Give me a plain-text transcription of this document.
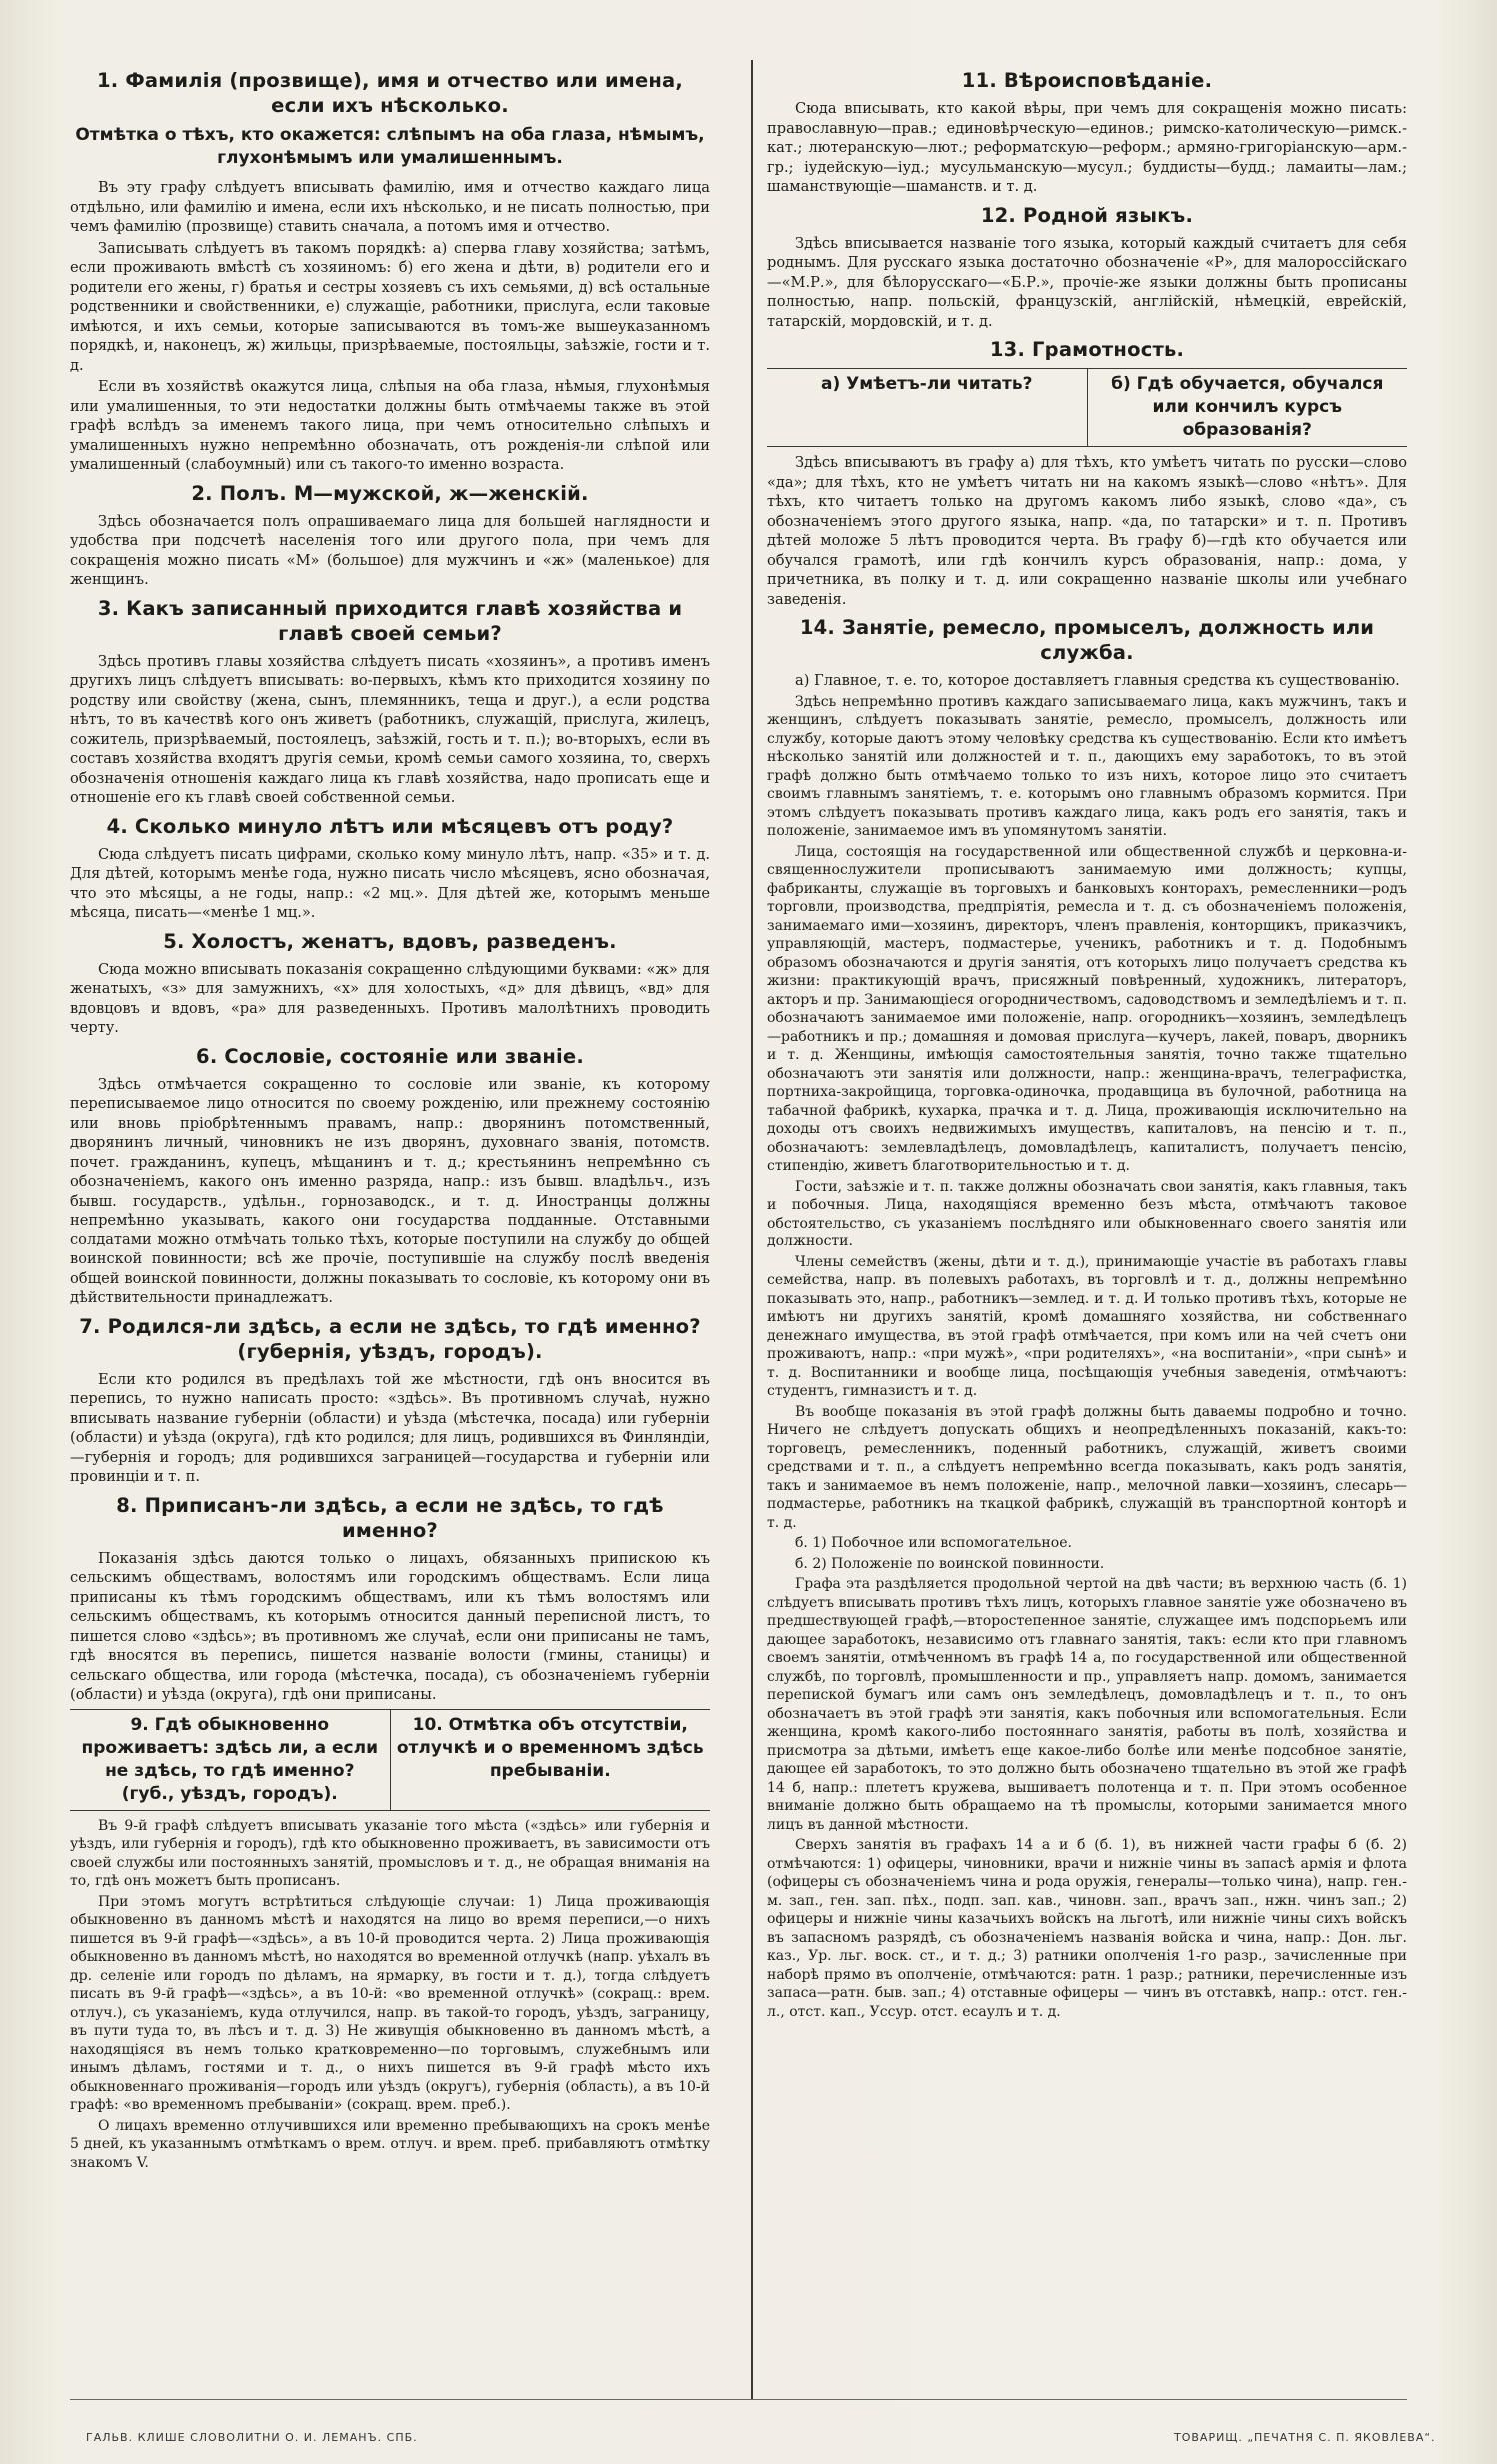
1. Фамилія (прозвище), имя и отчество или имена, если ихъ нѣсколько.
Отмѣтка о тѣхъ, кто окажется: слѣпымъ на оба глаза, нѣмымъ, глухонѣмымъ или умалишеннымъ.

Въ эту графу слѣдуетъ вписывать фамилію, имя и отчество каждаго лица отдѣльно, или фамилію и имена, если ихъ нѣсколько, и не писать полностью, при чемъ фамилію (прозвище) ставить сначала, а потомъ имя и отчество.

Записывать слѣдуетъ въ такомъ порядкѣ: а) сперва главу хозяйства; затѣмъ, если проживають вмѣстѣ съ хозяиномъ: б) его жена и дѣти, в) родители его и родители его жены, г) братья и сестры хозяевъ съ ихъ семьями, д) всѣ остальные родственники и свойственники, е) служащіе, работники, прислуга, если таковые имѣются, и ихъ семьи, которые записываются въ томъ-же вышеуказанномъ порядкѣ, и, наконецъ, ж) жильцы, призрѣваемые, постояльцы, заѣзжіе, гости и т. д.

Если въ хозяйствѣ окажутся лица, слѣпыя на оба глаза, нѣмыя, глухонѣмыя или умалишенныя, то эти недостатки должны быть отмѣчаемы также въ этой графѣ вслѣдъ за именемъ такого лица, при чемъ относительно слѣпыхъ и умалишенныхъ нужно непремѣнно обозначать, отъ рожденія-ли слѣпой или умалишенный (слабоумный) или съ такого-то именно возраста.

2. Полъ. М—мужской, ж—женскій.

Здѣсь обозначается полъ опрашиваемаго лица для большей наглядности и удобства при подсчетѣ населенія того или другого пола, при чемъ для сокращенія можно писать «М» (большое) для мужчинъ и «ж» (маленькое) для женщинъ.

3. Какъ записанный приходится главѣ хозяйства и главѣ своей семьи?

Здѣсь противъ главы хозяйства слѣдуетъ писать «хозяинъ», а противъ именъ другихъ лицъ слѣдуетъ вписывать: во-первыхъ, кѣмъ кто приходится хозяину по родству или свойству (жена, сынъ, племянникъ, теща и друг.), а если родства нѣтъ, то въ качествѣ кого онъ живетъ (работникъ, служащій, прислуга, жилецъ, сожитель, призрѣваемый, постоялецъ, заѣзжій, гость и т. п.); во-вторыхъ, если въ составъ хозяйства входятъ другія семьи, кромѣ семьи самого хозяина, то, сверхъ обозначенія отношенія каждаго лица къ главѣ хозяйства, надо прописать еще и отношеніе его къ главѣ своей собственной семьи.

4. Сколько минуло лѣтъ или мѣсяцевъ отъ роду?

Сюда слѣдуетъ писать цифрами, сколько кому минуло лѣтъ, напр. «35» и т. д. Для дѣтей, которымъ менѣе года, нужно писать число мѣсяцевъ, ясно обозначая, что это мѣсяцы, а не годы, напр.: «2 мц.». Для дѣтей же, которымъ меньше мѣсяца, писать—«менѣе 1 мц.».

5. Холостъ, женатъ, вдовъ, разведенъ.

Сюда можно вписывать показанія сокращенно слѣдующими буквами: «ж» для женатыхъ, «з» для замужнихъ, «х» для холостыхъ, «д» для дѣвицъ, «вд» для вдовцовъ и вдовъ, «ра» для разведенныхъ. Противъ малолѣтнихъ проводить черту.

6. Сословіе, состояніе или званіе.

Здѣсь отмѣчается сокращенно то сословіе или званіе, къ которому переписываемое лицо относится по своему рожденію, или прежнему состоянію или вновь пріобрѣтеннымъ правамъ, напр.: дворянинъ потомственный, дворянинъ личный, чиновникъ не изъ дворянъ, духовнаго званія, потомств. почет. гражданинъ, купецъ, мѣщанинъ и т. д.; крестьянинъ непремѣнно съ обозначеніемъ, какого онъ именно разряда, напр.: изъ бывш. владѣльч., изъ бывш. государств., удѣльн., горнозаводск., и т. д. Иностранцы должны непремѣнно указывать, какого они государства подданные. Отставными солдатами можно отмѣчать только тѣхъ, которые поступили на службу до общей воинской повинности; всѣ же прочіе, поступившіе на службу послѣ введенія общей воинской повинности, должны показывать то сословіе, къ которому они въ дѣйствительности принадлежатъ.

7. Родился-ли здѣсь, а если не здѣсь, то гдѣ именно? (губернія, уѣздъ, городъ).

Если кто родился въ предѣлахъ той же мѣстности, гдѣ онъ вносится въ перепись, то нужно написать просто: «здѣсь». Въ противномъ случаѣ, нужно вписывать название губерніи (области) и уѣзда (мѣстечка, посада) или губерніи (области) и уѣзда (округа), гдѣ кто родился; для лицъ, родившихся въ Финляндіи,—губернія и городъ; для родившихся заграницей—государства и губерніи или провинціи и т. п.

8. Приписанъ-ли здѣсь, а если не здѣсь, то гдѣ именно?

Показанія здѣсь даются только о лицахъ, обязанныхъ припискою къ сельскимъ обществамъ, волостямъ или городскимъ обществамъ. Если лица приписаны къ тѣмъ городскимъ обществамъ, или къ тѣмъ волостямъ или сельскимъ обществамъ, къ которымъ относится данный переписной листъ, то пишется слово «здѣсь»; въ противномъ же случаѣ, если они приписаны не тамъ, гдѣ вносятся въ перепись, пишется названіе волости (гмины, станицы) и сельскаго общества, или города (мѣстечка, посада), съ обозначеніемъ губерніи (области) и уѣзда (округа), гдѣ они приписаны.

9. Гдѣ обыкновенно проживаетъ: здѣсь ли, а если не здѣсь, то гдѣ именно? (губ., уѣздъ, городъ).
10. Отмѣтка объ отсутствіи, отлучкѣ и о временномъ здѣсь пребываніи.

Въ 9-й графѣ слѣдуетъ вписывать указаніе того мѣста («здѣсь» или губернія и уѣздъ, или губернія и городъ), гдѣ кто обыкновенно проживаетъ, въ зависимости отъ своей службы или постоянныхъ занятій, промысловъ и т. д., не обращая вниманія на то, гдѣ онъ можетъ быть прописанъ.

При этомъ могутъ встрѣтиться слѣдующіе случаи: 1) Лица проживающія обыкновенно въ данномъ мѣстѣ и находятся на лицо во время переписи,—о нихъ пишется въ 9-й графѣ—«здѣсь», а въ 10-й проводится черта. 2) Лица проживающія обыкновенно въ данномъ мѣстѣ, но находятся во временной отлучкѣ (напр. уѣхалъ въ др. селеніе или городъ по дѣламъ, на ярмарку, въ гости и т. д.), тогда слѣдуетъ писать въ 9-й графѣ—«здѣсь», а въ 10-й: «во временной отлучкѣ» (сокращ.: врем. отлуч.), съ указаніемъ, куда отлучился, напр. въ такой-то городъ, уѣздъ, заграницу, въ пути туда то, въ лѣсъ и т. д. 3) Не живущія обыкновенно въ данномъ мѣстѣ, а находящіяся въ немъ только кратковременно—по торговымъ, служебнымъ или инымъ дѣламъ, гостями и т. д., о нихъ пишется въ 9-й графѣ мѣсто ихъ обыкновеннаго проживанія—городъ или уѣздъ (округъ), губернія (область), а въ 10-й графѣ: «во временномъ пребываніи» (сокращ. врем. преб.).

О лицахъ временно отлучившихся или временно пребывающихъ на срокъ менѣе 5 дней, къ указаннымъ отмѣткамъ о врем. отлуч. и врем. преб. прибавляютъ отмѣтку знакомъ V.

11. Вѣроисповѣданіе.

Сюда вписывать, кто какой вѣры, при чемъ для сокращенія можно писать: православную—прав.; единовѣрческую—единов.; римско-католическую—римск.-кат.; лютеранскую—лют.; реформатскую—реформ.; армяно-григоріанскую—арм.-гр.; іудейскую—іуд.; мусульманскую—мусул.; буддисты—будд.; ламаиты—лам.; шаманствующіе—шаманств. и т. д.

12. Родной языкъ.

Здѣсь вписывается названіе того языка, который каждый считаетъ для себя роднымъ. Для русскаго языка достаточно обозначеніе «Р», для малороссійскаго—«М.Р.», для бѣлорусскаго—«Б.Р.», прочіе-же языки должны быть прописаны полностью, напр. польскій, французскій, англійскій, нѣмецкій, еврейскій, татарскій, мордовскій, и т. д.

13. Грамотность.
а) Умѣетъ-ли читать?	б) Гдѣ обучается, обучался или кончилъ курсъ образованія?

Здѣсь вписываютъ въ графу а) для тѣхъ, кто умѣетъ читать по русски—слово «да»; для тѣхъ, кто не умѣетъ читать ни на какомъ языкѣ—слово «нѣтъ». Для тѣхъ, кто читаетъ только на другомъ какомъ либо языкѣ, слово «да», съ обозначеніемъ этого другого языка, напр. «да, по татарски» и т. п. Противъ дѣтей моложе 5 лѣтъ проводится черта. Въ графу б)—гдѣ кто обучается или обучался грамотѣ, или гдѣ кончилъ курсъ образованія, напр.: дома, у причетника, въ полку и т. д. или сокращенно названіе школы или учебнаго заведенія.

14. Занятіе, ремесло, промыселъ, должность или служба.

а) Главное, т. е. то, которое доставляетъ главныя средства къ существованію.

Здѣсь непремѣнно противъ каждаго записываемаго лица, какъ мужчинъ, такъ и женщинъ, слѣдуетъ показывать занятіе, ремесло, промыселъ, должность или службу, которые даютъ этому человѣку средства къ существованію. Если кто имѣетъ нѣсколько занятій или должностей и т. п., дающихъ ему заработокъ, то въ этой графѣ должно быть отмѣчаемо только то изъ нихъ, которое лицо это считаетъ своимъ главнымъ занятіемъ, т. е. которымъ оно главнымъ образомъ кормится. При этомъ слѣдуетъ показывать противъ каждаго лица, какъ родъ его занятія, такъ и положеніе, занимаемое имъ въ упомянутомъ занятіи.

Лица, состоящія на государственной или общественной службѣ и церковна-и-священнослужители прописываютъ занимаемую ими должность; купцы, фабриканты, служащіе въ торговыхъ и банковыхъ конторахъ, ремесленники—родъ торговли, производства, предпріятія, ремесла и т. д. съ обозначеніемъ положенія, занимаемаго ими—хозяинъ, директоръ, членъ правленія, конторщикъ, приказчикъ, управляющій, мастеръ, подмастерье, ученикъ, работникъ и т. д. Подобнымъ образомъ обозначаются и другія занятія, отъ которыхъ лицо получаетъ средства къ жизни: практикующій врачъ, присяжный повѣренный, художникъ, литераторъ, акторъ и пр. Занимающіеся огородничествомъ, садоводствомъ и земледѣліемъ и т. п. обозначаютъ занимаемое ими положеніе, напр. огородникъ—хозяинъ, земледѣлецъ—работникъ и пр.; домашняя и домовая прислуга—кучеръ, лакей, поваръ, дворникъ и т. д. Женщины, имѣющія самостоятельныя занятія, точно также тщательно обозначаютъ эти занятія или должности, напр.: женщина-врачъ, телеграфистка, портниха-закройщица, торговка-одиночка, продавщица въ булочной, работница на табачной фабрикѣ, кухарка, прачка и т. д. Лица, проживающія исключительно на доходы отъ своихъ недвижимыхъ имуществъ, капиталовъ, на пенсію и т. п., обозначаютъ: землевладѣлецъ, домовладѣлецъ, капиталистъ, получаетъ пенсію, стипендію, живетъ благотворительностью и т. д.

Гости, заѣзжіе и т. п. также должны обозначать свои занятія, какъ главныя, такъ и побочныя. Лица, находящіяся временно безъ мѣста, отмѣчаютъ таковое обстоятельство, съ указаніемъ послѣдняго или обыкновеннаго своего занятія или должности.

Члены семействъ (жены, дѣти и т. д.), принимающіе участіе въ работахъ главы семейства, напр. въ полевыхъ работахъ, въ торговлѣ и т. д., должны непремѣнно показывать это, напр., работникъ—землед. и т. д. И только противъ тѣхъ, которые не имѣютъ ни другихъ занятій, кромѣ домашняго хозяйства, ни собственнаго денежнаго имущества, въ этой графѣ отмѣчается, при комъ или на чей счетъ они проживаютъ, напр.: «при мужѣ», «при родителяхъ», «на воспитаніи», «при сынѣ» и т. д. Воспитанники и вообще лица, посѣщающія учебныя заведенія, отмѣчаютъ: студентъ, гимназистъ и т. д.

Въ вообще показанія въ этой графѣ должны быть даваемы подробно и точно. Ничего не слѣдуетъ допускать общихъ и неопредѣленныхъ показаній, какъ-то: торговецъ, ремесленникъ, поденный работникъ, служащій, живетъ своими средствами и т. п., а слѣдуетъ непремѣнно всегда показывать, какъ родъ занятія, такъ и занимаемое въ немъ положеніе, напр., мелочной лавки—хозяинъ, слесарь—подмастерье, работникъ на ткацкой фабрикѣ, служащій въ транспортной конторѣ и т. д.

б. 1) Побочное или вспомогательное.

б. 2) Положеніе по воинской повинности.

Графа эта раздѣляется продольной чертой на двѣ части; въ верхнюю часть (б. 1) слѣдуетъ вписывать противъ тѣхъ лицъ, которыхъ главное занятіе уже обозначено въ предшествующей графѣ,—второстепенное занятіе, служащее имъ подспорьемъ или дающее заработокъ, независимо отъ главнаго занятія, такъ: если кто при главномъ своемъ занятіи, отмѣченномъ въ графѣ 14 а, по государственной или общественной службѣ, по торговлѣ, промышленности и пр., управляетъ напр. домомъ, занимается перепиской бумагъ или самъ онъ земледѣлецъ, домовладѣлецъ и т. п., то онъ обозначаетъ въ этой графѣ эти занятія, какъ побочныя или вспомогательныя. Если женщина, кромѣ какого-либо постояннаго занятія, работы въ полѣ, хозяйства и присмотра за дѣтьми, имѣетъ еще какое-либо болѣе или менѣе подсобное занятіе, дающее ей заработокъ, то это должно быть обозначено тщательно въ этой же графѣ 14 б, напр.: плететъ кружева, вышиваетъ полотенца и т. п. При этомъ особенное вниманіе должно быть обращаемо на тѣ промыслы, которыми занимается много лицъ въ данной мѣстности.

Сверхъ занятія въ графахъ 14 а и б (б. 1), въ нижней части графы б (б. 2) отмѣчаются: 1) офицеры, чиновники, врачи и нижніе чины въ запасѣ армія и флота (офицеры съ обозначеніемъ чина и рода оружія, генералы—только чина), напр. ген.-м. зап., ген. зап. пѣх., подп. зап. кав., чиновн. зап., врачъ зап., нжн. чинъ зап.; 2) офицеры и нижніе чины казачьихъ войскъ на льготѣ, или нижніе чины сихъ войскъ въ запасномъ разрядѣ, съ обозначеніемъ названія войска и чина, напр.: Дон. льг. каз., Ур. льг. воск. ст., и т. д.; 3) ратники ополченія 1-го разр., зачисленные при наборѣ прямо въ ополченіе, отмѣчаются: ратн. 1 разр.; ратники, перечисленные изъ запаса—ратн. быв. зап.; 4) отставные офицеры — чинъ въ отставкѣ, напр.: отст. ген.-л., отст. кап., Уссур. отст. есаулъ и т. д.

ГАЛЬВ. КЛИШЕ СЛОВОЛИТНИ О. И. ЛЕМАНЪ. СПБ.	ТОВАРИЩ. „ПЕЧАТНЯ С. П. ЯКОВЛЕВА“.
